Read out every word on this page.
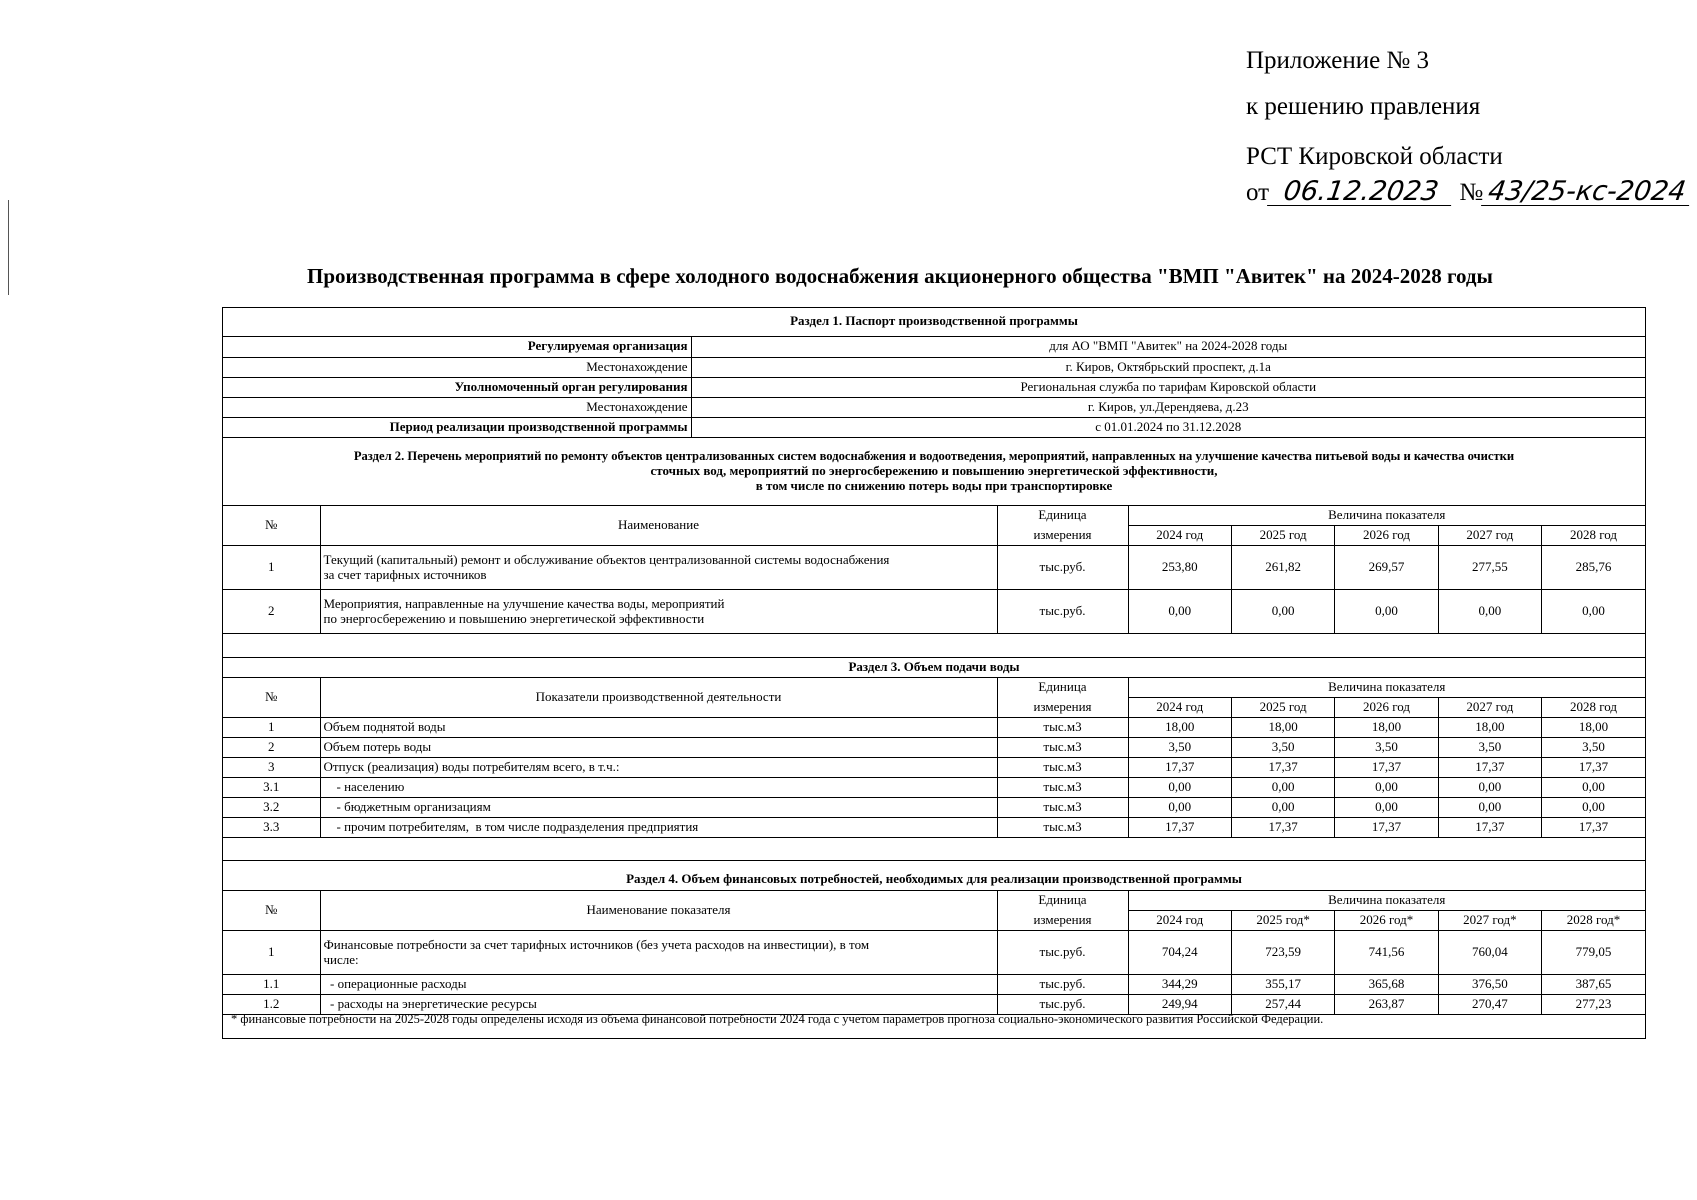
Приложение № 3
к решению правления
РСТ Кировской области
от 06.12.2023 № 43/25-кс-2024
Производственная программа в сфере холодного водоснабжения акционерного общества "ВМП "Авитек" на 2024-2028 годы
Раздел 1. Паспорт производственной программы	
Регулируемая организация	для АО "ВМП "Авитек" на 2024-2028 годы
Местонахождение	г. Киров, Октябрьский проспект, д.1а
Уполномоченный орган регулирования	Региональная служба по тарифам Кировской области
Местонахождение	г. Киров, ул.Дерендяева, д.23
Период реализации производственной программы	с 01.01.2024 по 31.12.2028
Раздел 2. Перечень мероприятий по ремонту объектов централизованных систем водоснабжения и водоотведения, мероприятий, направленных на улучшение качества питьевой воды и качества очистки
сточных вод, мероприятий по энергосбережению и повышению энергетической эффективности,
в том числе по снижению потерь воды при транспортировке							

№	Наименование	Единица	Величина показателя				
		измерения	2024 год	2025 год	2026 год	2027 год	2028 год
1	Текущий (капитальный) ремонт и обслуживание объектов централизованной системы водоснабжения
за счет тарифных источников	тыс.руб.	253,80	261,82	269,57	277,55	285,76
2	Мероприятия, направленные на улучшение качества воды, мероприятий
по энергосбережению и повышению энергетической эффективности	тыс.руб.	0,00	0,00	0,00	0,00	0,00
Раздел 3. Объем подачи воды							
№	Показатели производственной деятельности	Единица	Величина показателя				
		измерения	2024 год	2025 год	2026 год	2027 год	2028 год
1	Объем поднятой воды	тыс.м3	18,00	18,00	18,00	18,00	18,00
2	Объем потерь воды	тыс.м3	3,50	3,50	3,50	3,50	3,50
3	Отпуск (реализация) воды потребителям всего, в т.ч.:	тыс.м3	17,37	17,37	17,37	17,37	17,37
3.1	- населению	тыс.м3	0,00	0,00	0,00	0,00	0,00
3.2	- бюджетным организациям	тыс.м3	0,00	0,00	0,00	0,00	0,00
3.3	- прочим потребителям,  в том числе подразделения предприятия	тыс.м3	17,37	17,37	17,37	17,37	17,37
Раздел 4. Объем финансовых потребностей, необходимых для реализации производственной программы							
№	Наименование показателя	Единица	Величина показателя				
		измерения	2024 год	2025 год*	2026 год*	2027 год*	2028 год*
1	Финансовые потребности за счет тарифных источников (без учета расходов на инвестиции), в том
числе:	тыс.руб.	704,24	723,59	741,56	760,04	779,05
1.1	- операционные расходы	тыс.руб.	344,29	355,17	365,68	376,50	387,65
1.2	- расходы на энергетические ресурсы	тыс.руб.	249,94	257,44	263,87	270,47	277,23
* финансовые потребности на 2025-2028 годы определены исходя из объема финансовой потребности 2024 года с учетом параметров прогноза социально-экономического развития Российской Федерации.
